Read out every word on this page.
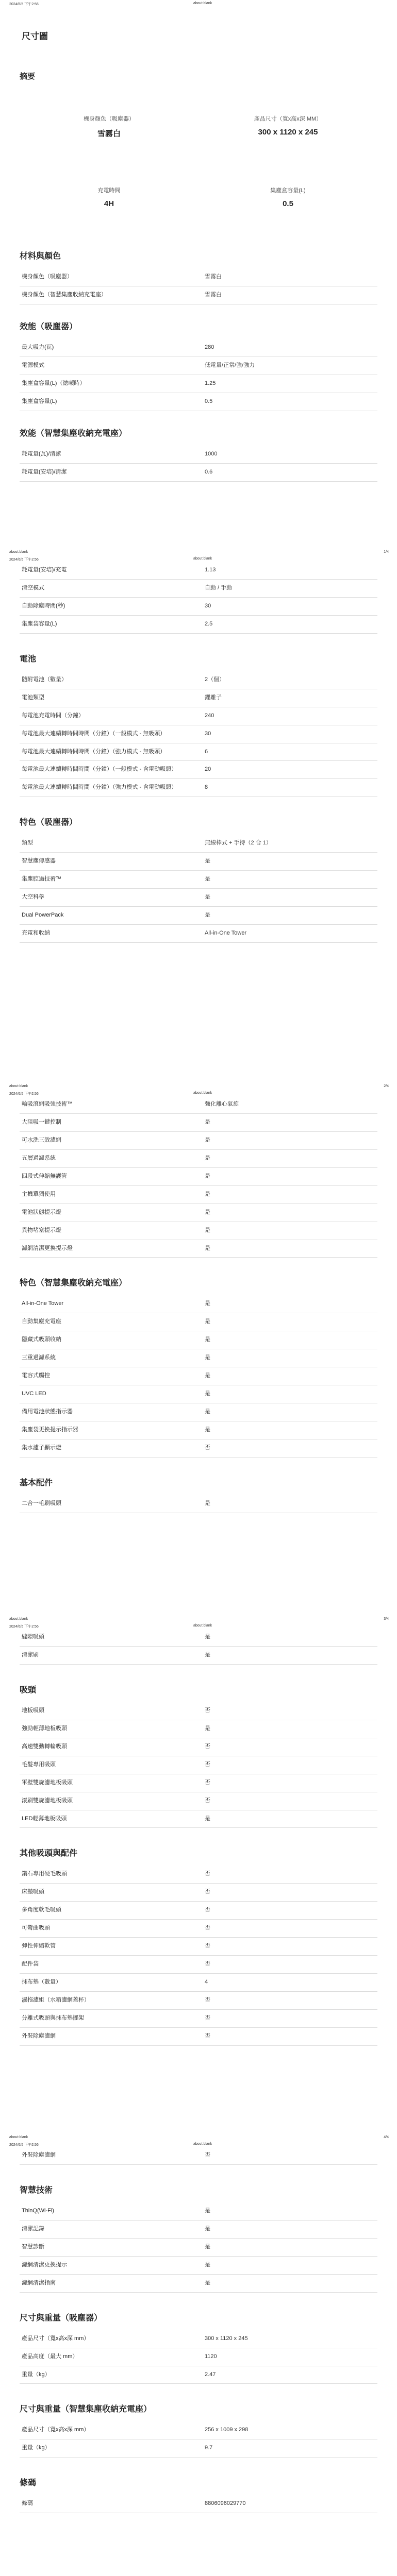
2024/6/5 下午2:56	about:blank
尺寸圖
摘要
機身顏色（吸塵器）
雪霧白
產品尺寸（寬x高x深 MM）
300 x 1120 x 245
充電時間
4H
集塵盒容量(L)
0.5
材料與顏色
機身顏色（吸塵器）	雪霧白
機身顏色（智慧集塵收納充電座）	雪霧白
效能（吸塵器）
最大吸力(瓦)	280
電源模式	低電量/正常/強/強力
集塵盒容量(L)（總噸時）	1.25
集塵盒容量(L)	0.5
效能（智慧集塵收納充電座）
耗電量(瓦)/清潔	1000
耗電量(安培)/清潔	0.6
about:blank	1/4
2024/6/5 下午2:56	about:blank
耗電量(安培)/充電	1.13
清空模式	自動 / 手動
自動除塵時間(秒)	30
集塵袋容量(L)	2.5
電池
隨附電池（數量）	2（個）
電池類型	鋰離子
每電池充電時間（分鐘）	240
每電池最大連續轉時間時間（分鐘）（一般模式 - 無吸頭）	30
每電池最大連續轉時間時間（分鐘）（強力模式 - 無吸頭）	6
每電池最大連續轉時間時間（分鐘）（一般模式 - 含電動吸頭）	20
每電池最大連續轉時間時間（分鐘）（強力模式 - 含電動吸頭）	8
特色（吸塵器）
類型	無線棒式 + 手持（2 合 1）
智慧塵傳感器	是
集塵腔過技術™	是
大空科學	是
Dual PowerPack	是
充電和收納	All-in-One Tower
about:blank	2/4
2024/6/5 下午2:56	about:blank
輪吸滾網吸強技術™	強化離心氣旋
大阻吸一鍵控制	是
可水洗三效濾網	是
五層過濾系統	是
四段式伸縮無護管	是
主機單獨使用	是
電池狀態提示燈	是
異物堵塞提示燈	是
濾網清潔更換提示燈	是
特色（智慧集塵收納充電座）
All-in-One Tower	是
自動集塵充電座	是
隱藏式吸頭收納	是
三重過濾系統	是
電容式觸控	是
UVC LED	是
備用電池狀態指示器	是
集塵袋更換提示指示器	是
集水濾子顯示燈	否
基本配件
二合一毛刷吸頭	是
about:blank	3/4
2024/6/5 下午2:56	about:blank
縫隙吸頭	是
清潔刷	是
吸頭
地板吸頭	否
強勁輕薄地板吸頭	是
高速雙動轉輪吸頭	否
毛髮專用吸頭	否
軍壁雙旋濾地板吸頭	否
滾刷雙旋濾地板吸頭	否
LED輕薄地板吸頭	是
其他吸頭與配件
鑽石專用硬毛吸頭	否
床墊吸頭	否
多角度軟毛吸頭	否
可彎曲吸頭	否
彈性伸縮軟管	否
配件袋	否
抹布墊（數量）	4
濕拖濾組（水箱濾網蓋杯）	否
分離式吸頭與抹布墊擺架	否
外裝除塵濾網	否
about:blank	4/4
2024/6/5 下午2:56	about:blank
外裝除塵濾網	否
智慧技術
ThinQ(Wi-Fi)	是
清潔記錄	是
智慧診斷	是
濾網清潔更換提示	是
濾網清潔指南	是
尺寸與重量（吸塵器）
產品尺寸（寬x高x深 mm）	300 x 1120 x 245
產品高度（最大 mm）	1120
重量（kg）	2.47
尺寸與重量（智慧集塵收納充電座）
產品尺寸（寬x高x深 mm）	256 x 1009 x 298
重量（kg）	9.7
條碼
條碼	8806096029770
